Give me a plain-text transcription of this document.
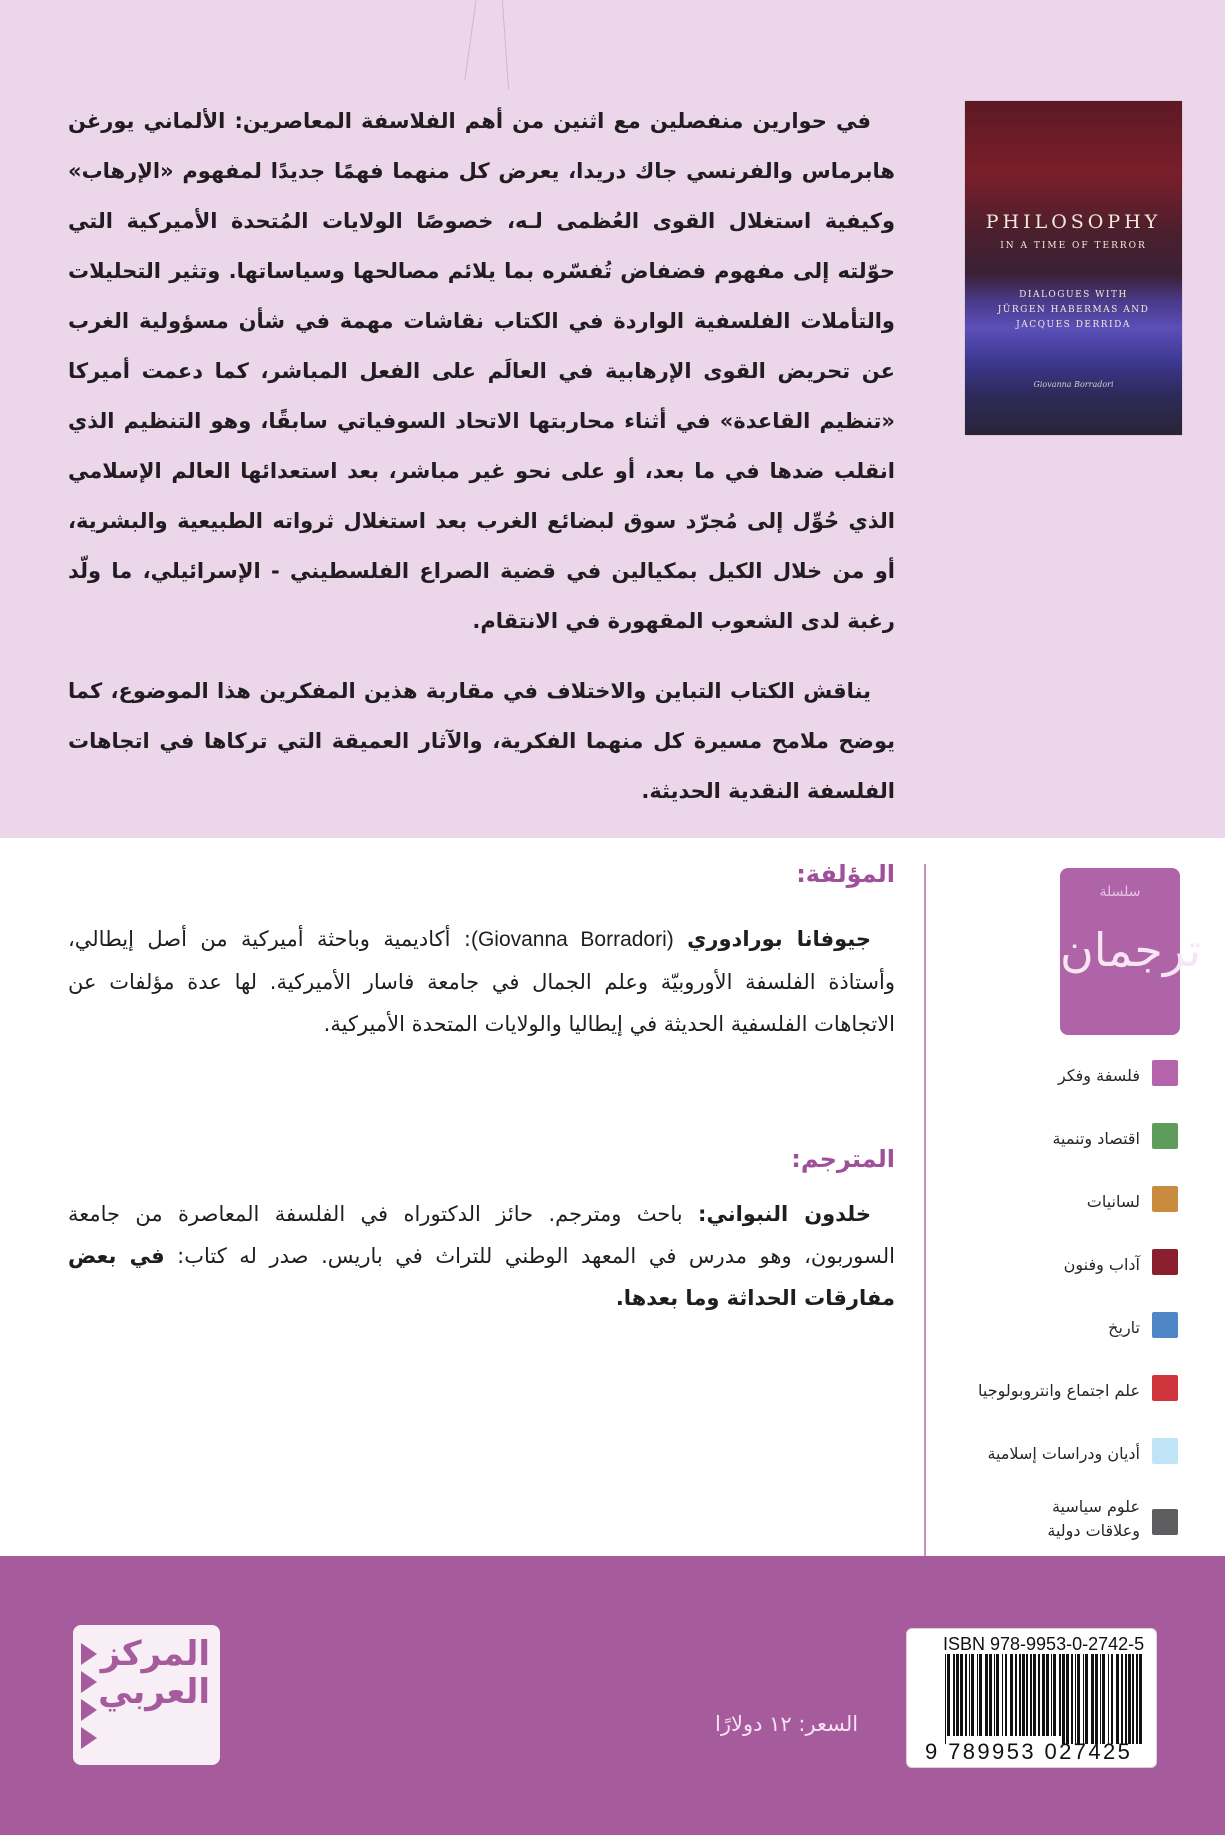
PHILOSOPHY
IN A TIME OF TERROR
DIALOGUES WITH
JÜRGEN HABERMAS AND
JACQUES DERRIDA
Giovanna Borradori

في حوارين منفصلين مع اثنين من أهم الفلاسفة المعاصرين: الألماني يورغن هابرماس والفرنسي جاك دريدا، يعرض كل منهما فهمًا جديدًا لمفهوم «الإرهاب» وكيفية استغلال القوى العُظمى لـه، خصوصًا الولايات المُتحدة الأميركية التي حوّلته إلى مفهوم فضفاض تُفسّره بما يلائم مصالحها وسياساتها. وتثير التحليلات والتأملات الفلسفية الواردة في الكتاب نقاشات مهمة في شأن مسؤولية الغرب عن تحريض القوى الإرهابية في العالَم على الفعل المباشر، كما دعمت أميركا «تنظيم القاعدة» في أثناء محاربتها الاتحاد السوفياتي سابقًا، وهو التنظيم الذي انقلب ضدها في ما بعد، أو على نحو غير مباشر، بعد استعدائها العالم الإسلامي الذي حُوِّل إلى مُجرّد سوق لبضائع الغرب بعد استغلال ثرواته الطبيعية والبشرية، أو من خلال الكيل بمكيالين في قضية الصراع الفلسطيني - الإسرائيلي، ما ولّد رغبة لدى الشعوب المقهورة في الانتقام.

يناقش الكتاب التباين والاختلاف في مقاربة هذين المفكرين هذا الموضوع، كما يوضح ملامح مسيرة كل منهما الفكرية، والآثار العميقة التي تركاها في اتجاهات الفلسفة النقدية الحديثة.

المؤلفة:

جيوفانا بورادوري (Giovanna Borradori): أكاديمية وباحثة أميركية من أصل إيطالي، وأستاذة الفلسفة الأوروبيّة وعلم الجمال في جامعة فاسار الأميركية. لها عدة مؤلفات عن الاتجاهات الفلسفية الحديثة في إيطاليا والولايات المتحدة الأميركية.

المترجم:

خلدون النبواني: باحث ومترجم. حائز الدكتوراه في الفلسفة المعاصرة من جامعة السوربون، وهو مدرس في المعهد الوطني للتراث في باريس. صدر له كتاب: في بعض مفارقات الحداثة وما بعدها.

سلسلة
ترجمان
فلسفة وفكر
اقتصاد وتنمية
لسانيات
آداب وفنون
تاريخ
علم اجتماع وانتروبولوجيا
أديان ودراسات إسلامية
علوم سياسية وعلاقات دولية
المركز العربي
السعر: ١٢ دولارًا
ISBN 978-9953-0-2742-5
9 789953 027425
